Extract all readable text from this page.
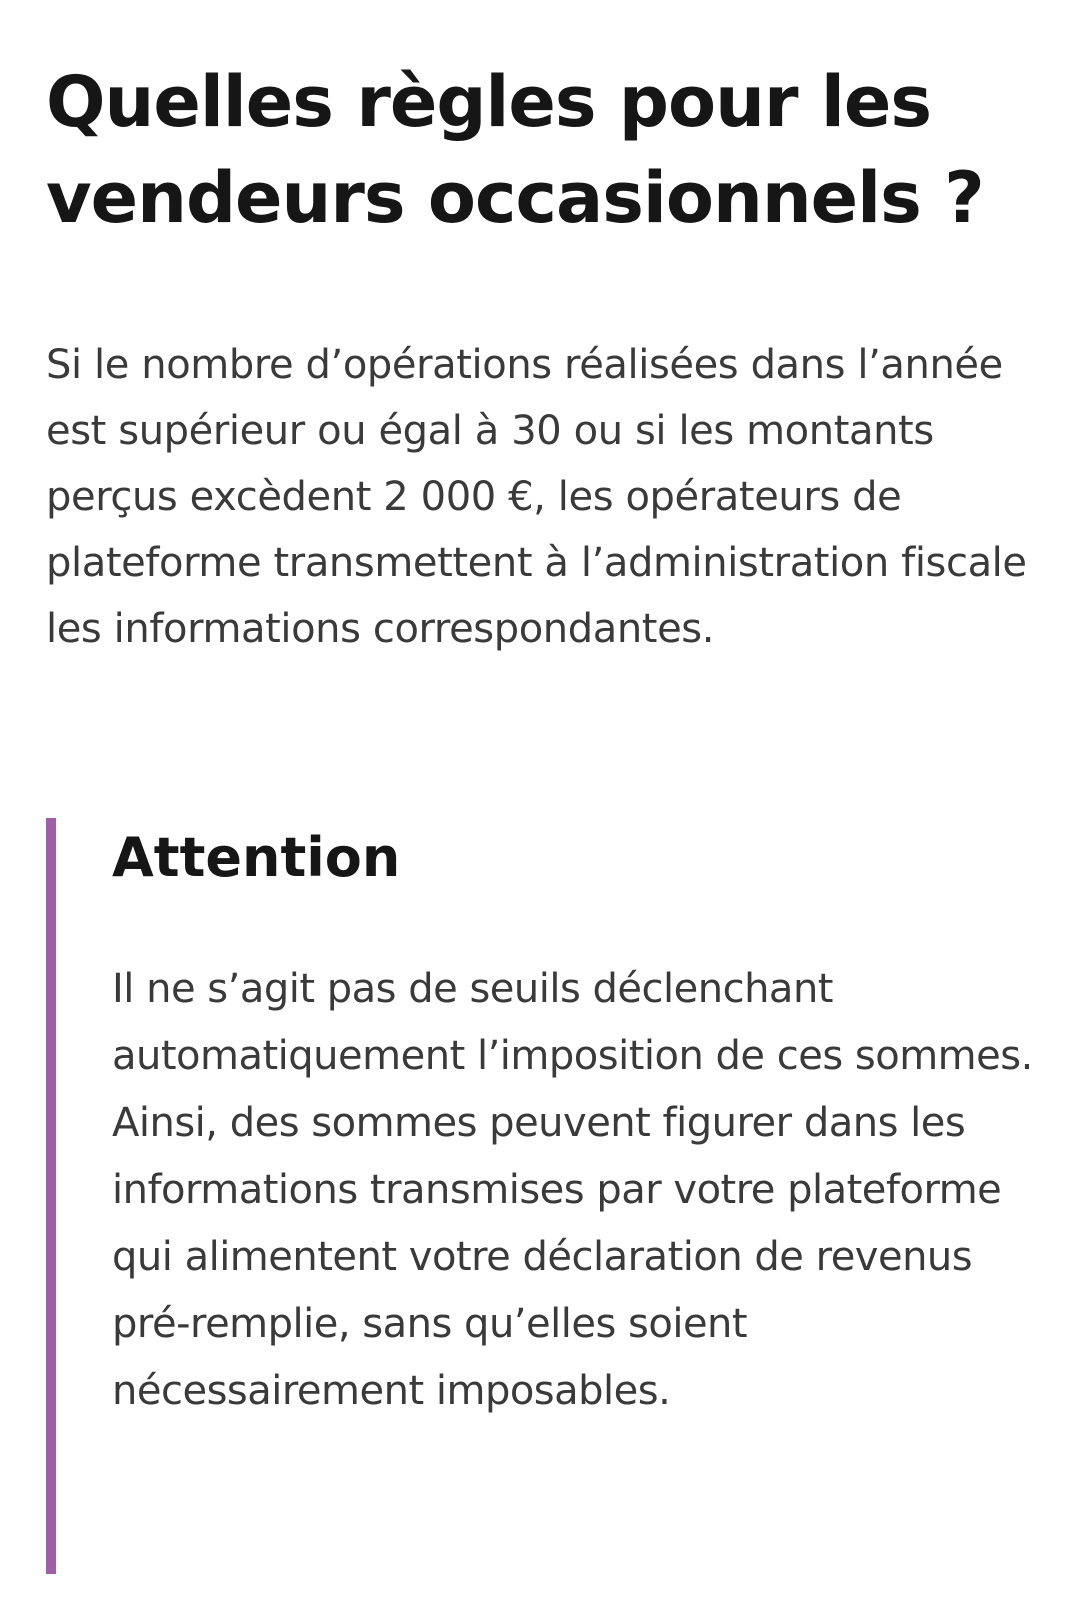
Quelles règles pour les vendeurs occasionnels ?

Si le nombre d’opérations réalisées dans l’année est supérieur ou égal à 30 ou si les montants perçus excèdent 2 000 €, les opérateurs de plateforme transmettent à l’administration fiscale les informations correspondantes.

Attention

Il ne s’agit pas de seuils déclenchant automatiquement l’imposition de ces sommes. Ainsi, des sommes peuvent figurer dans les informations transmises par votre plateforme qui alimentent votre déclaration de revenus pré-remplie, sans qu’elles soient nécessairement imposables.
